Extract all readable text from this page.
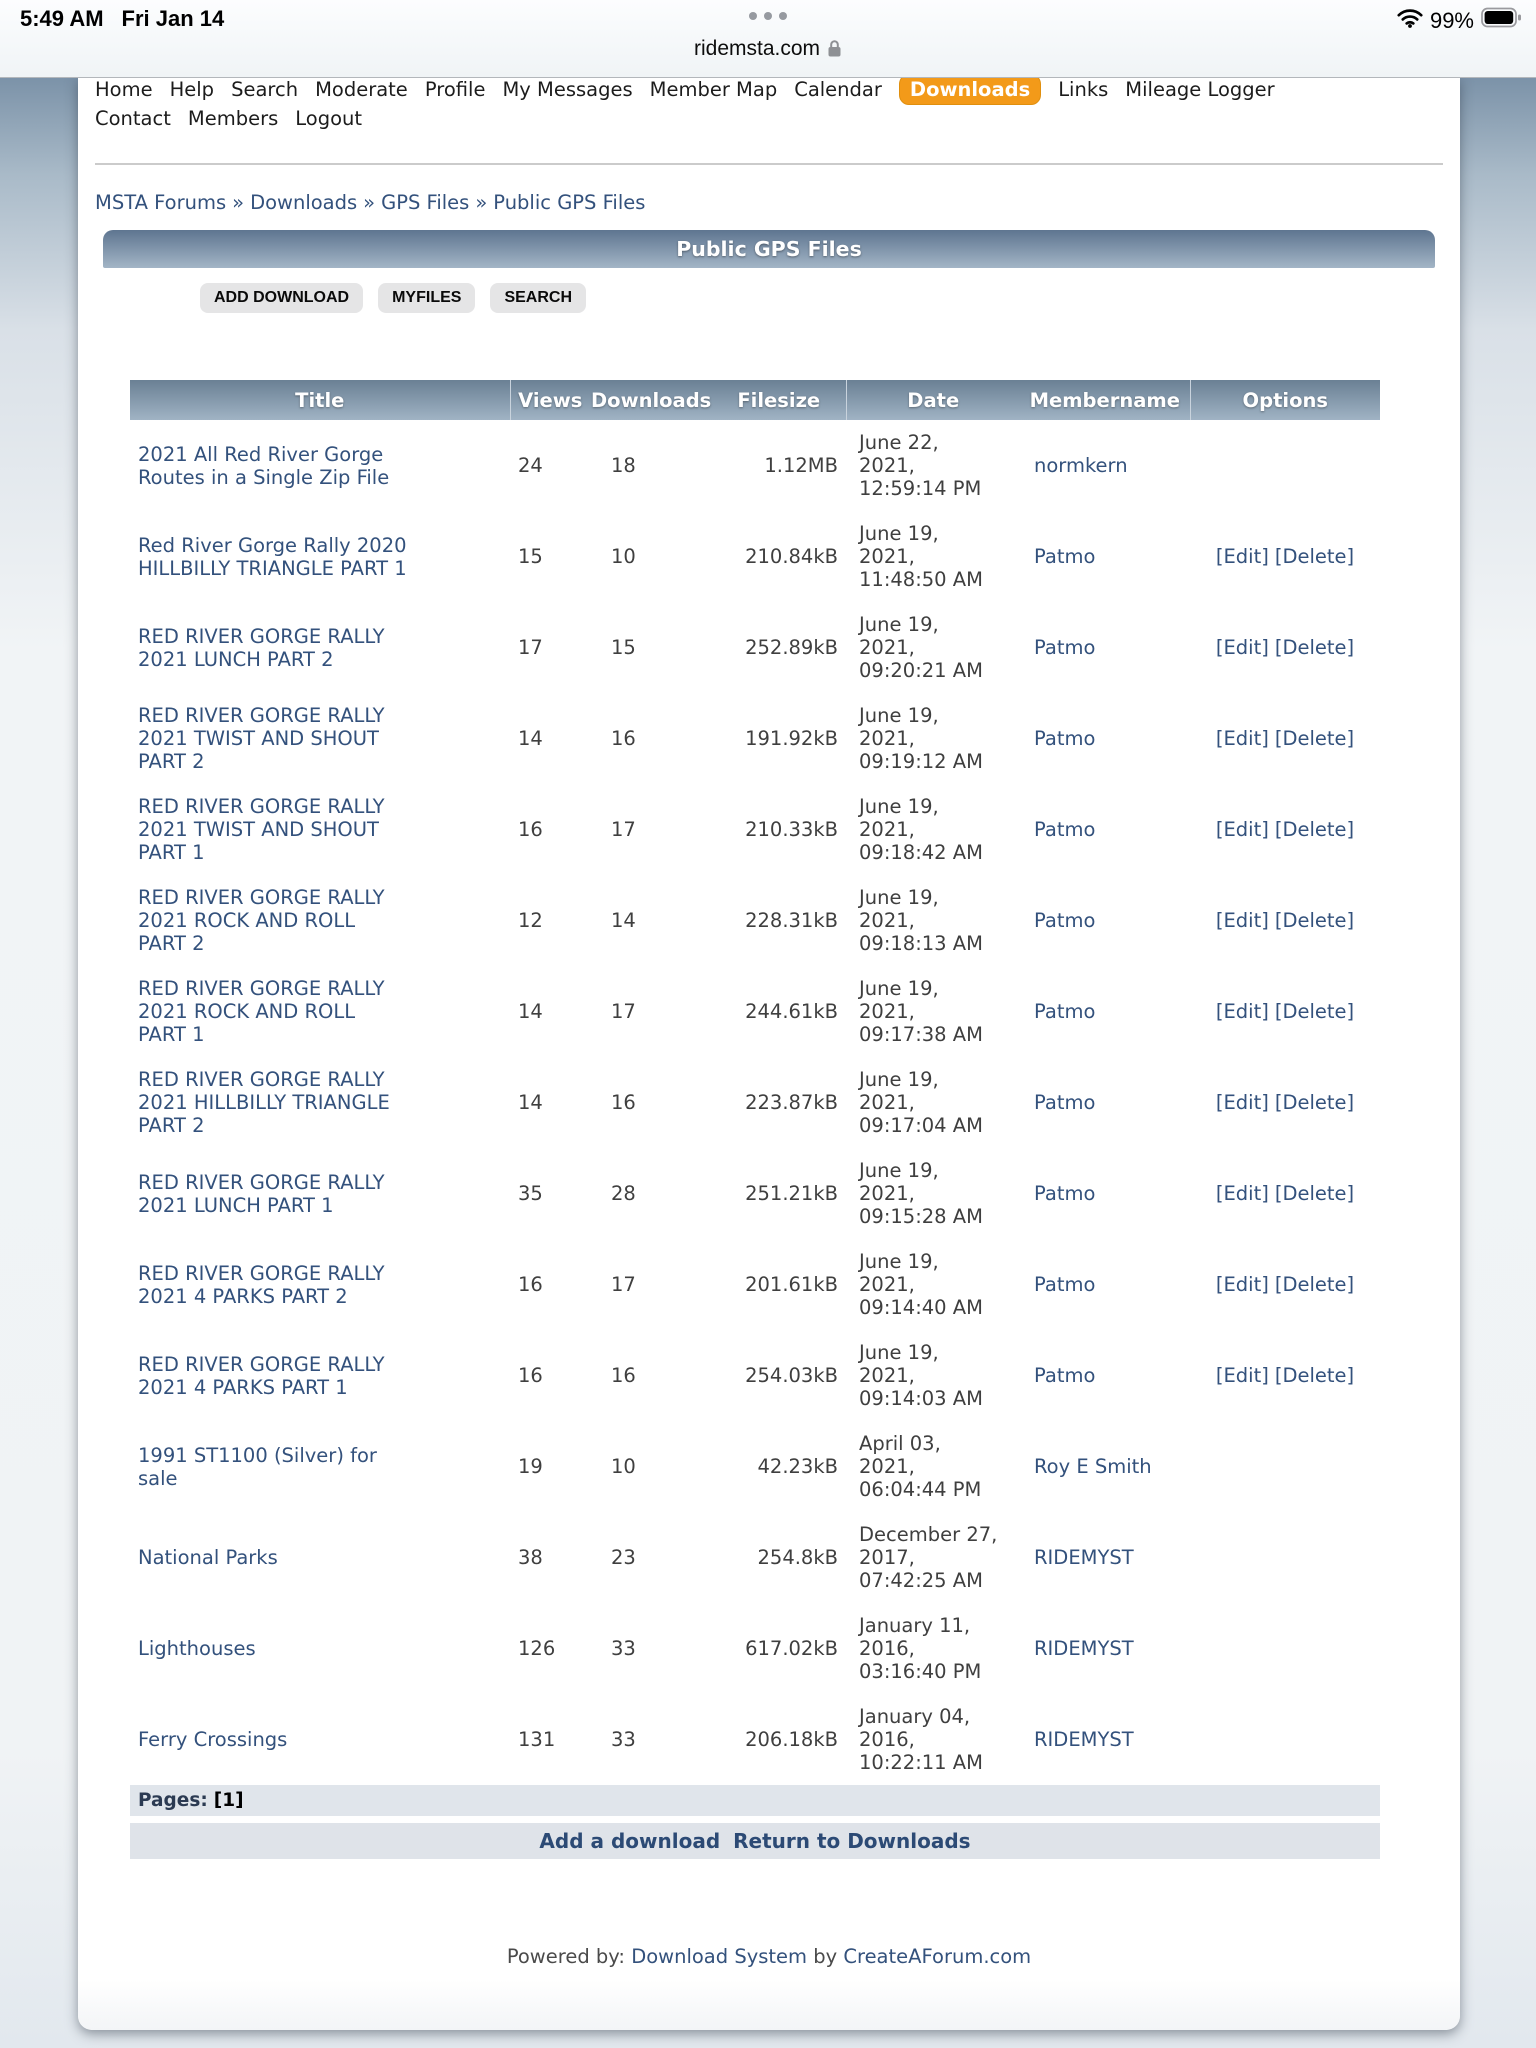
5:49 AM Fri Jan 14	99%
ridemsta.com
Home Help Search Moderate Profile My Messages Member Map Calendar Downloads Links Mileage Logger
Contact Members Logout
MSTA Forums » Downloads » GPS Files » Public GPS Files
Public GPS Files
ADD DOWNLOAD	MYFILES	SEARCH
Title	Views	Downloads	Filesize	Date	Membername	Options
2021 All Red River Gorge Routes in a Single Zip File	24	18	1.12MB	June 22, 2021, 12:59:14 PM	normkern	
Red River Gorge Rally 2020 HILLBILLY TRIANGLE PART 1	15	10	210.84kB	June 19, 2021, 11:48:50 AM	Patmo	[Edit] [Delete]
RED RIVER GORGE RALLY 2021 LUNCH PART 2	17	15	252.89kB	June 19, 2021, 09:20:21 AM	Patmo	[Edit] [Delete]
RED RIVER GORGE RALLY 2021 TWIST AND SHOUT PART 2	14	16	191.92kB	June 19, 2021, 09:19:12 AM	Patmo	[Edit] [Delete]
RED RIVER GORGE RALLY 2021 TWIST AND SHOUT PART 1	16	17	210.33kB	June 19, 2021, 09:18:42 AM	Patmo	[Edit] [Delete]
RED RIVER GORGE RALLY 2021 ROCK AND ROLL PART 2	12	14	228.31kB	June 19, 2021, 09:18:13 AM	Patmo	[Edit] [Delete]
RED RIVER GORGE RALLY 2021 ROCK AND ROLL PART 1	14	17	244.61kB	June 19, 2021, 09:17:38 AM	Patmo	[Edit] [Delete]
RED RIVER GORGE RALLY 2021 HILLBILLY TRIANGLE PART 2	14	16	223.87kB	June 19, 2021, 09:17:04 AM	Patmo	[Edit] [Delete]
RED RIVER GORGE RALLY 2021 LUNCH PART 1	35	28	251.21kB	June 19, 2021, 09:15:28 AM	Patmo	[Edit] [Delete]
RED RIVER GORGE RALLY 2021 4 PARKS PART 2	16	17	201.61kB	June 19, 2021, 09:14:40 AM	Patmo	[Edit] [Delete]
RED RIVER GORGE RALLY 2021 4 PARKS PART 1	16	16	254.03kB	June 19, 2021, 09:14:03 AM	Patmo	[Edit] [Delete]
1991 ST1100 (Silver) for sale	19	10	42.23kB	April 03, 2021, 06:04:44 PM	Roy E Smith	
National Parks	38	23	254.8kB	December 27, 2017, 07:42:25 AM	RIDEMYST	
Lighthouses	126	33	617.02kB	January 11, 2016, 03:16:40 PM	RIDEMYST	
Ferry Crossings	131	33	206.18kB	January 04, 2016, 10:22:11 AM	RIDEMYST	
Pages: [1]
Add a download Return to Downloads
Powered by: Download System by CreateAForum.com
